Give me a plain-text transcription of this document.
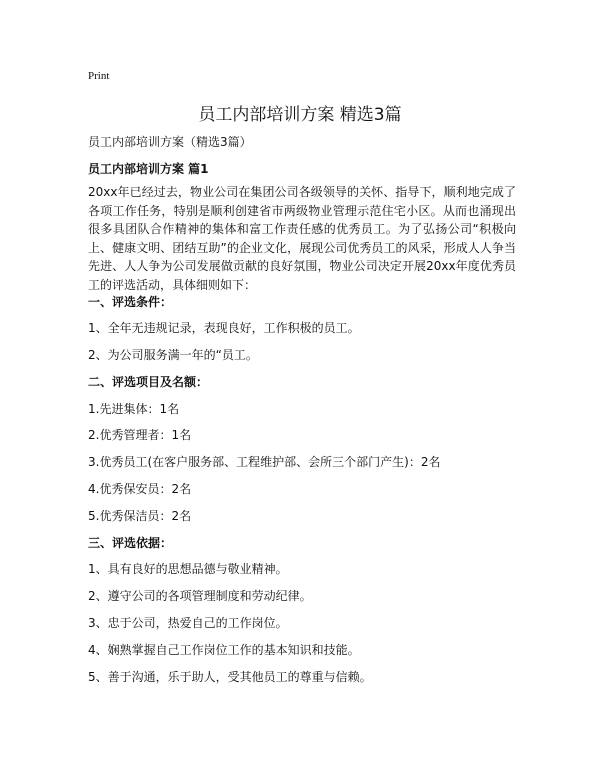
Print
员工内部培训方案 精选3篇
员工内部培训方案（精选3篇）
员工内部培训方案 篇1
20xx年已经过去，物业公司在集团公司各级领导的关怀、指导下，顺利地完成了各项工作任务，特别是顺利创建省市两级物业管理示范住宅小区。从而也涌现出很多具团队合作精神的集体和富工作责任感的优秀员工。为了弘扬公司“积极向上、健康文明、团结互助”的企业文化，展现公司优秀员工的风采，形成人人争当先进、人人争为公司发展做贡献的良好氛围，物业公司决定开展20xx年度优秀员工的评选活动，具体细则如下：
一、评选条件：
1、全年无违规记录，表现良好，工作积极的员工。
2、为公司服务满一年的“员工。
二、评选项目及名额：
1.先进集体：1名
2.优秀管理者：1名
3.优秀员工(在客户服务部、工程维护部、会所三个部门产生)：2名
4.优秀保安员：2名
5.优秀保洁员：2名
三、评选依据：
1、具有良好的思想品德与敬业精神。
2、遵守公司的各项管理制度和劳动纪律。
3、忠于公司，热爱自己的工作岗位。
4、娴熟掌握自己工作岗位工作的基本知识和技能。
5、善于沟通，乐于助人，受其他员工的尊重与信赖。
